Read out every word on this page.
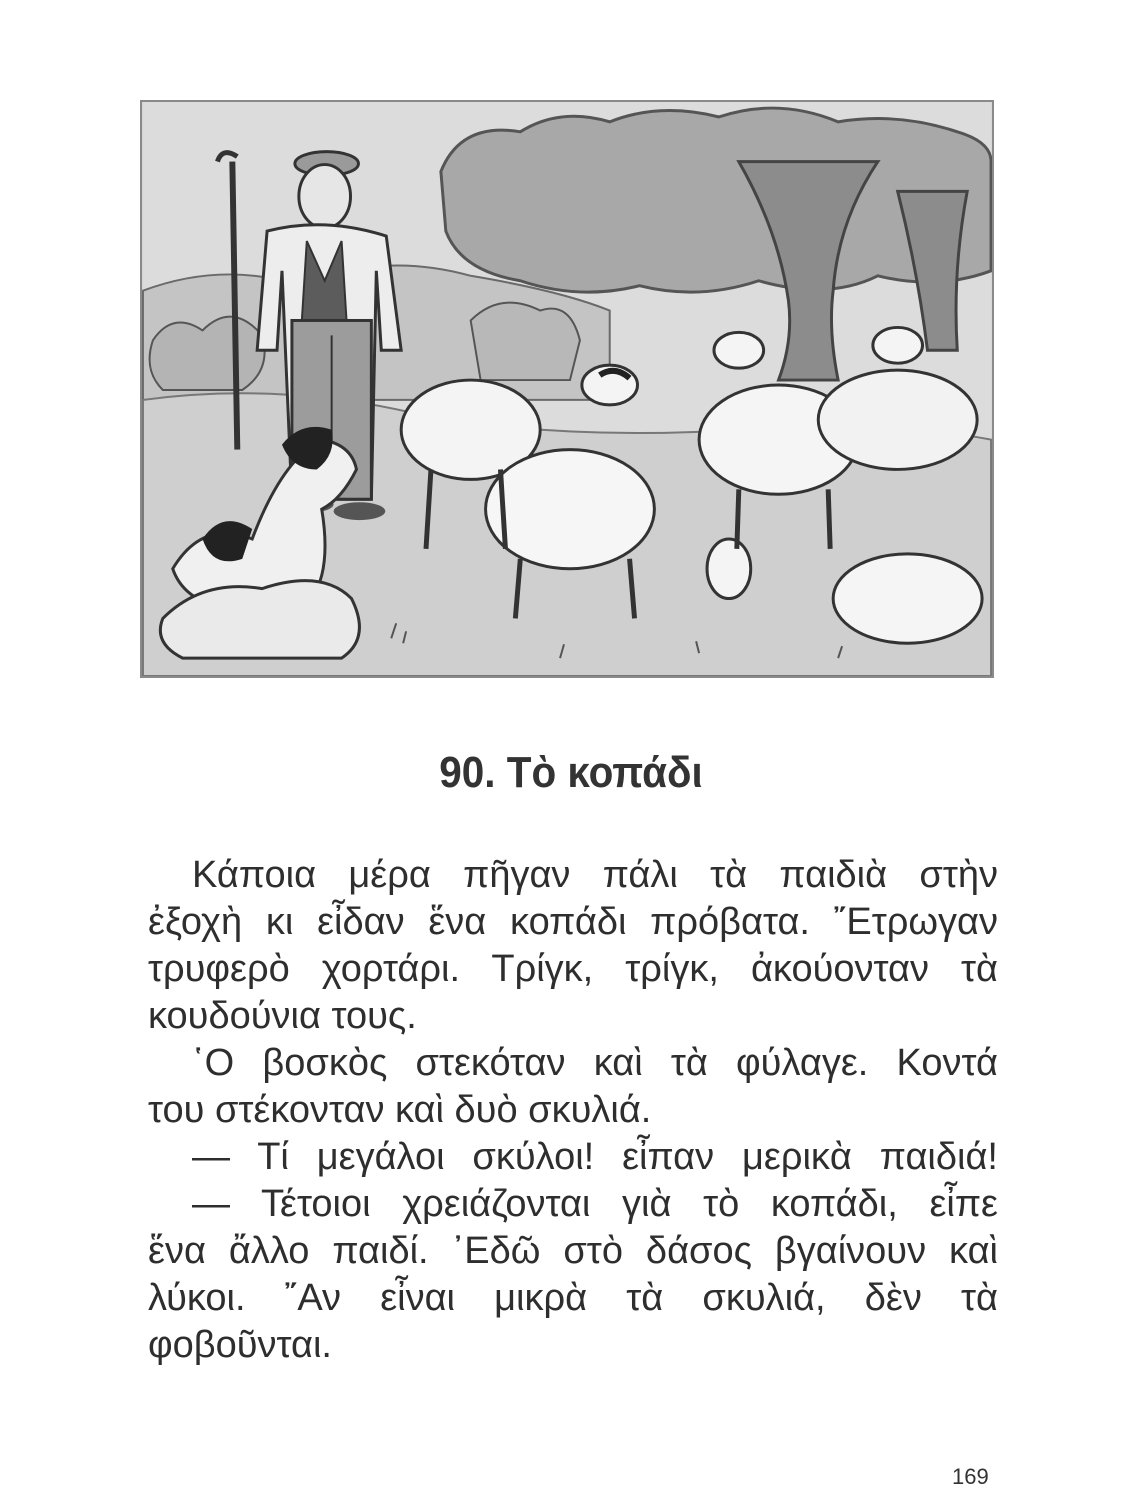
90. Τὸ κοπάδι
Κάποια μέρα πῆγαν πάλι τὰ παιδιὰ στὴν
ἐξοχὴ κι εἶδαν ἕνα κοπάδι πρόβατα. ῎Ετρωγαν
τρυφερὸ χορτάρι. Τρίγκ, τρίγκ, ἀκούονταν τὰ
κουδούνια τους.
῾Ο βοσκὸς στεκόταν καὶ τὰ φύλαγε. Κοντά
του στέκονταν καὶ δυὸ σκυλιά.
— Τί μεγάλοι σκύλοι! εἶπαν μερικὰ παιδιά!
— Τέτοιοι χρειάζονται γιὰ τὸ κοπάδι, εἶπε
ἕνα ἄλλο παιδί. ᾿Εδῶ στὸ δάσος βγαίνουν καὶ
λύκοι. ῎Αν εἶναι μικρὰ τὰ σκυλιά, δὲν τὰ
φοβοῦνται.
169
